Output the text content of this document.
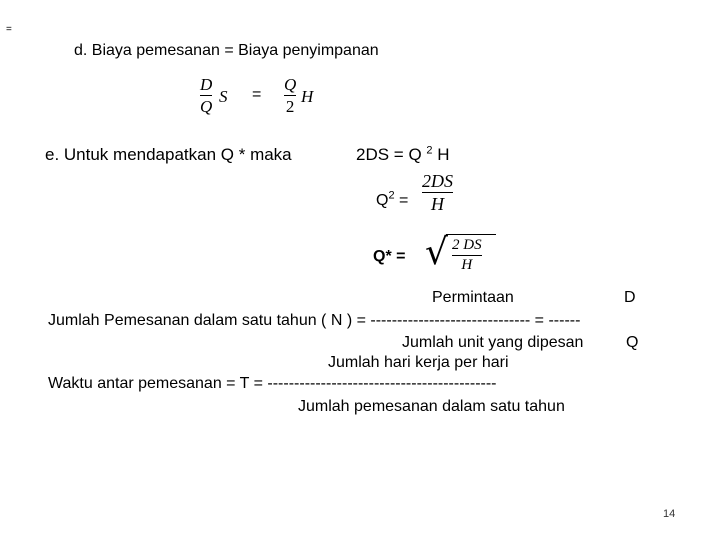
=
d. Biaya pemesanan = Biaya penyimpanan
D
Q
S =
Q
2
H
e. Untuk mendapatkan Q * maka	2DS = Q $^2$ H
$Q^2$ =
2DS
H
Q* = √ 2 DS
H
Permintaan	D
Jumlah Pemesanan dalam satu tahun ( N ) = ------------------------------ = ------
Jumlah unit yang dipesan	Q
Jumlah hari kerja per hari
Waktu antar pemesanan = T = -------------------------------------------
Jumlah pemesanan dalam satu tahun
14
